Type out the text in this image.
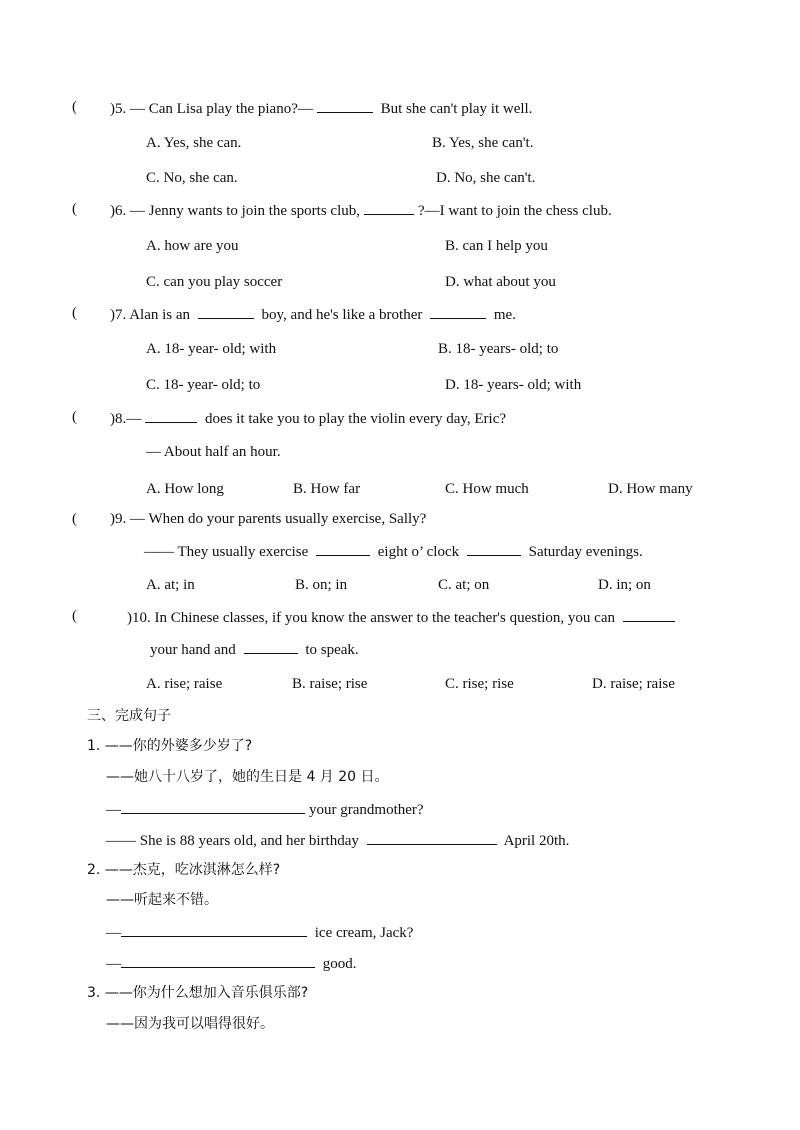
( )5. — Can Lisa play the piano?—	But she can't play it well.
A. Yes, she can.	B. Yes, she can't.
C. No, she can.	D. No, she can't.
( )6. — Jenny wants to join the sports club,	?—I want to join the chess club.
A. how are you	B. can I help you
C. can you play soccer	D. what about you
( )7. Alan is an	boy, and he's like a brother	me.
A. 18- year- old; with	B. 18- years- old; to
C. 18- year- old; to	D. 18- years- old; with
( )8.—	does it take you to play the violin every day, Eric?
— About half an hour.
A. How long	B. How far	C. How much	D. How many
( )9. — When do your parents usually exercise, Sally?
—— They usually exercise	eight o’ clock	Saturday evenings.
A. at; in	B. on; in	C. at; on	D. in; on
(	)10. In Chinese classes, if you know the answer to the teacher's question, you can
your hand and	to speak.
A. rise; raise	B. raise; rise	C. rise; rise	D. raise; raise
三、完成句子
1. ——你的外婆多少岁了?
——她八十八岁了，她的生日是 4 月 20 日。
—	your grandmother?
—— She is 88 years old, and her birthday	April 20th.
2. ——杰克，吃冰淇淋怎么样?
——听起来不错。
—	ice cream, Jack?
—	good.
3. ——你为什么想加入音乐俱乐部?
——因为我可以唱得很好。
